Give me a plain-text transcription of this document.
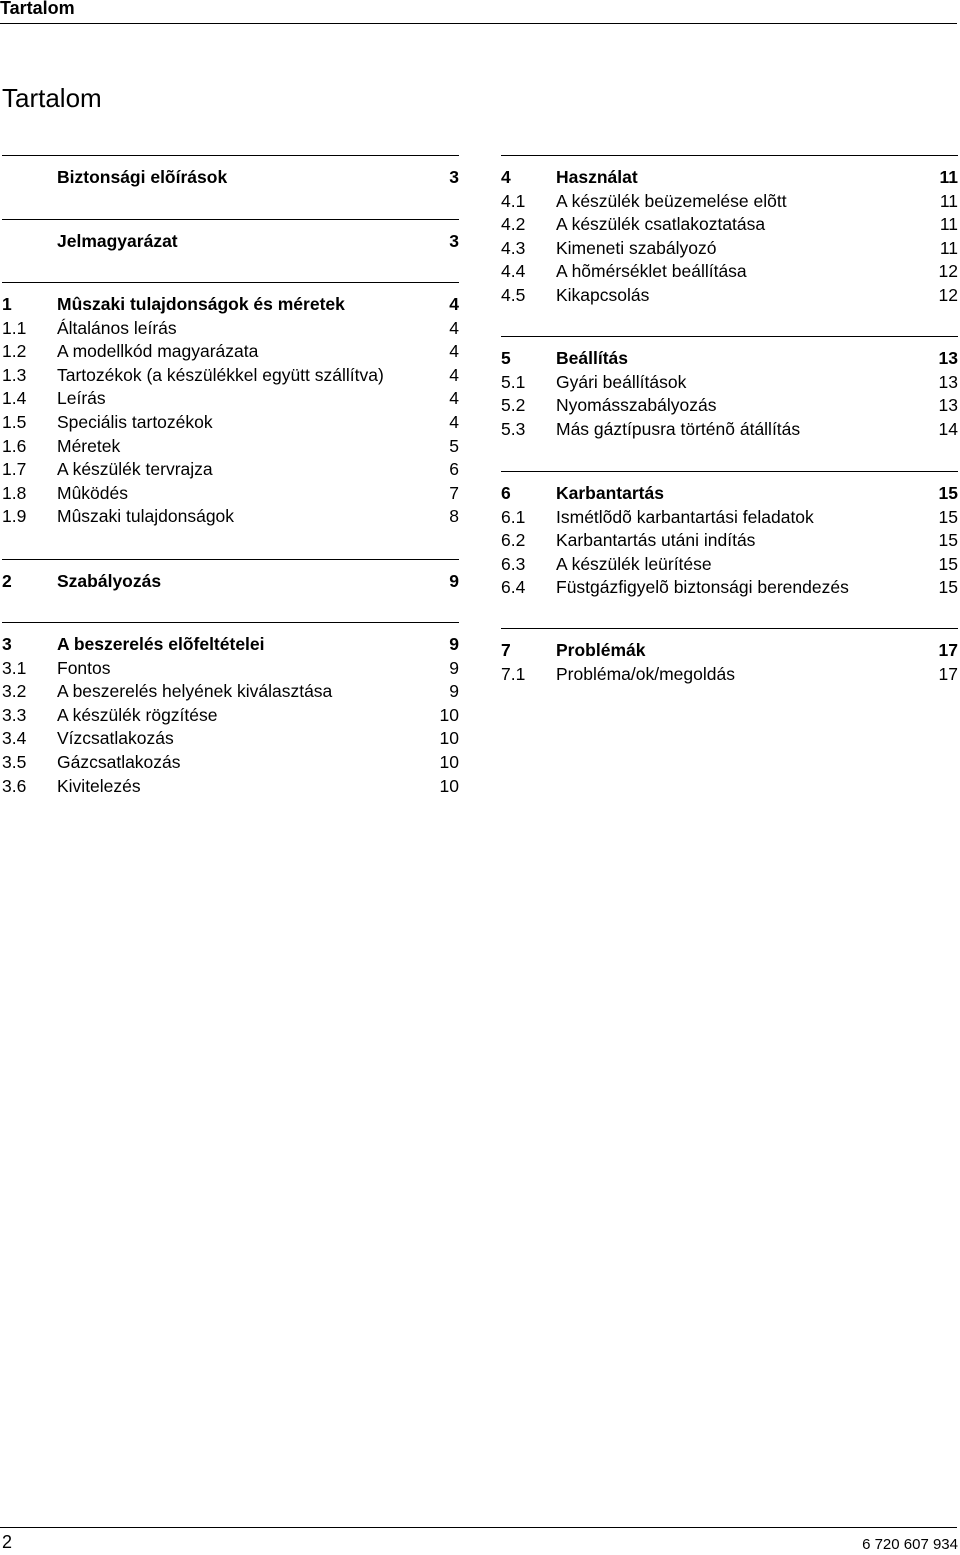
Tartalom
Tartalom
Biztonsági elõírások	3
Jelmagyarázat	3
1	Mûszaki tulajdonságok és méretek	4
1.1	Általános leírás	4
1.2	A modellkód magyarázata	4
1.3	Tartozékok (a készülékkel együtt szállítva)	4
1.4	Leírás	4
1.5	Speciális tartozékok	4
1.6	Méretek	5
1.7	A készülék tervrajza	6
1.8	Mûködés	7
1.9	Mûszaki tulajdonságok	8
2	Szabályozás	9
3	A beszerelés elõfeltételei	9
3.1	Fontos	9
3.2	A beszerelés helyének kiválasztása	9
3.3	A készülék rögzítése	10
3.4	Vízcsatlakozás	10
3.5	Gázcsatlakozás	10
3.6	Kivitelezés	10
4	Használat	11
4.1	A készülék beüzemelése elõtt	11
4.2	A készülék csatlakoztatása	11
4.3	Kimeneti szabályozó	11
4.4	A hõmérséklet beállítása	12
4.5	Kikapcsolás	12
5	Beállítás	13
5.1	Gyári beállítások	13
5.2	Nyomásszabályozás	13
5.3	Más gáztípusra történõ átállítás	14
6	Karbantartás	15
6.1	Ismétlõdõ karbantartási feladatok	15
6.2	Karbantartás utáni indítás	15
6.3	A készülék leürítése	15
6.4	Füstgázfigyelõ biztonsági berendezés	15
7	Problémák	17
7.1	Probléma/ok/megoldás	17
2	6 720 607 934
